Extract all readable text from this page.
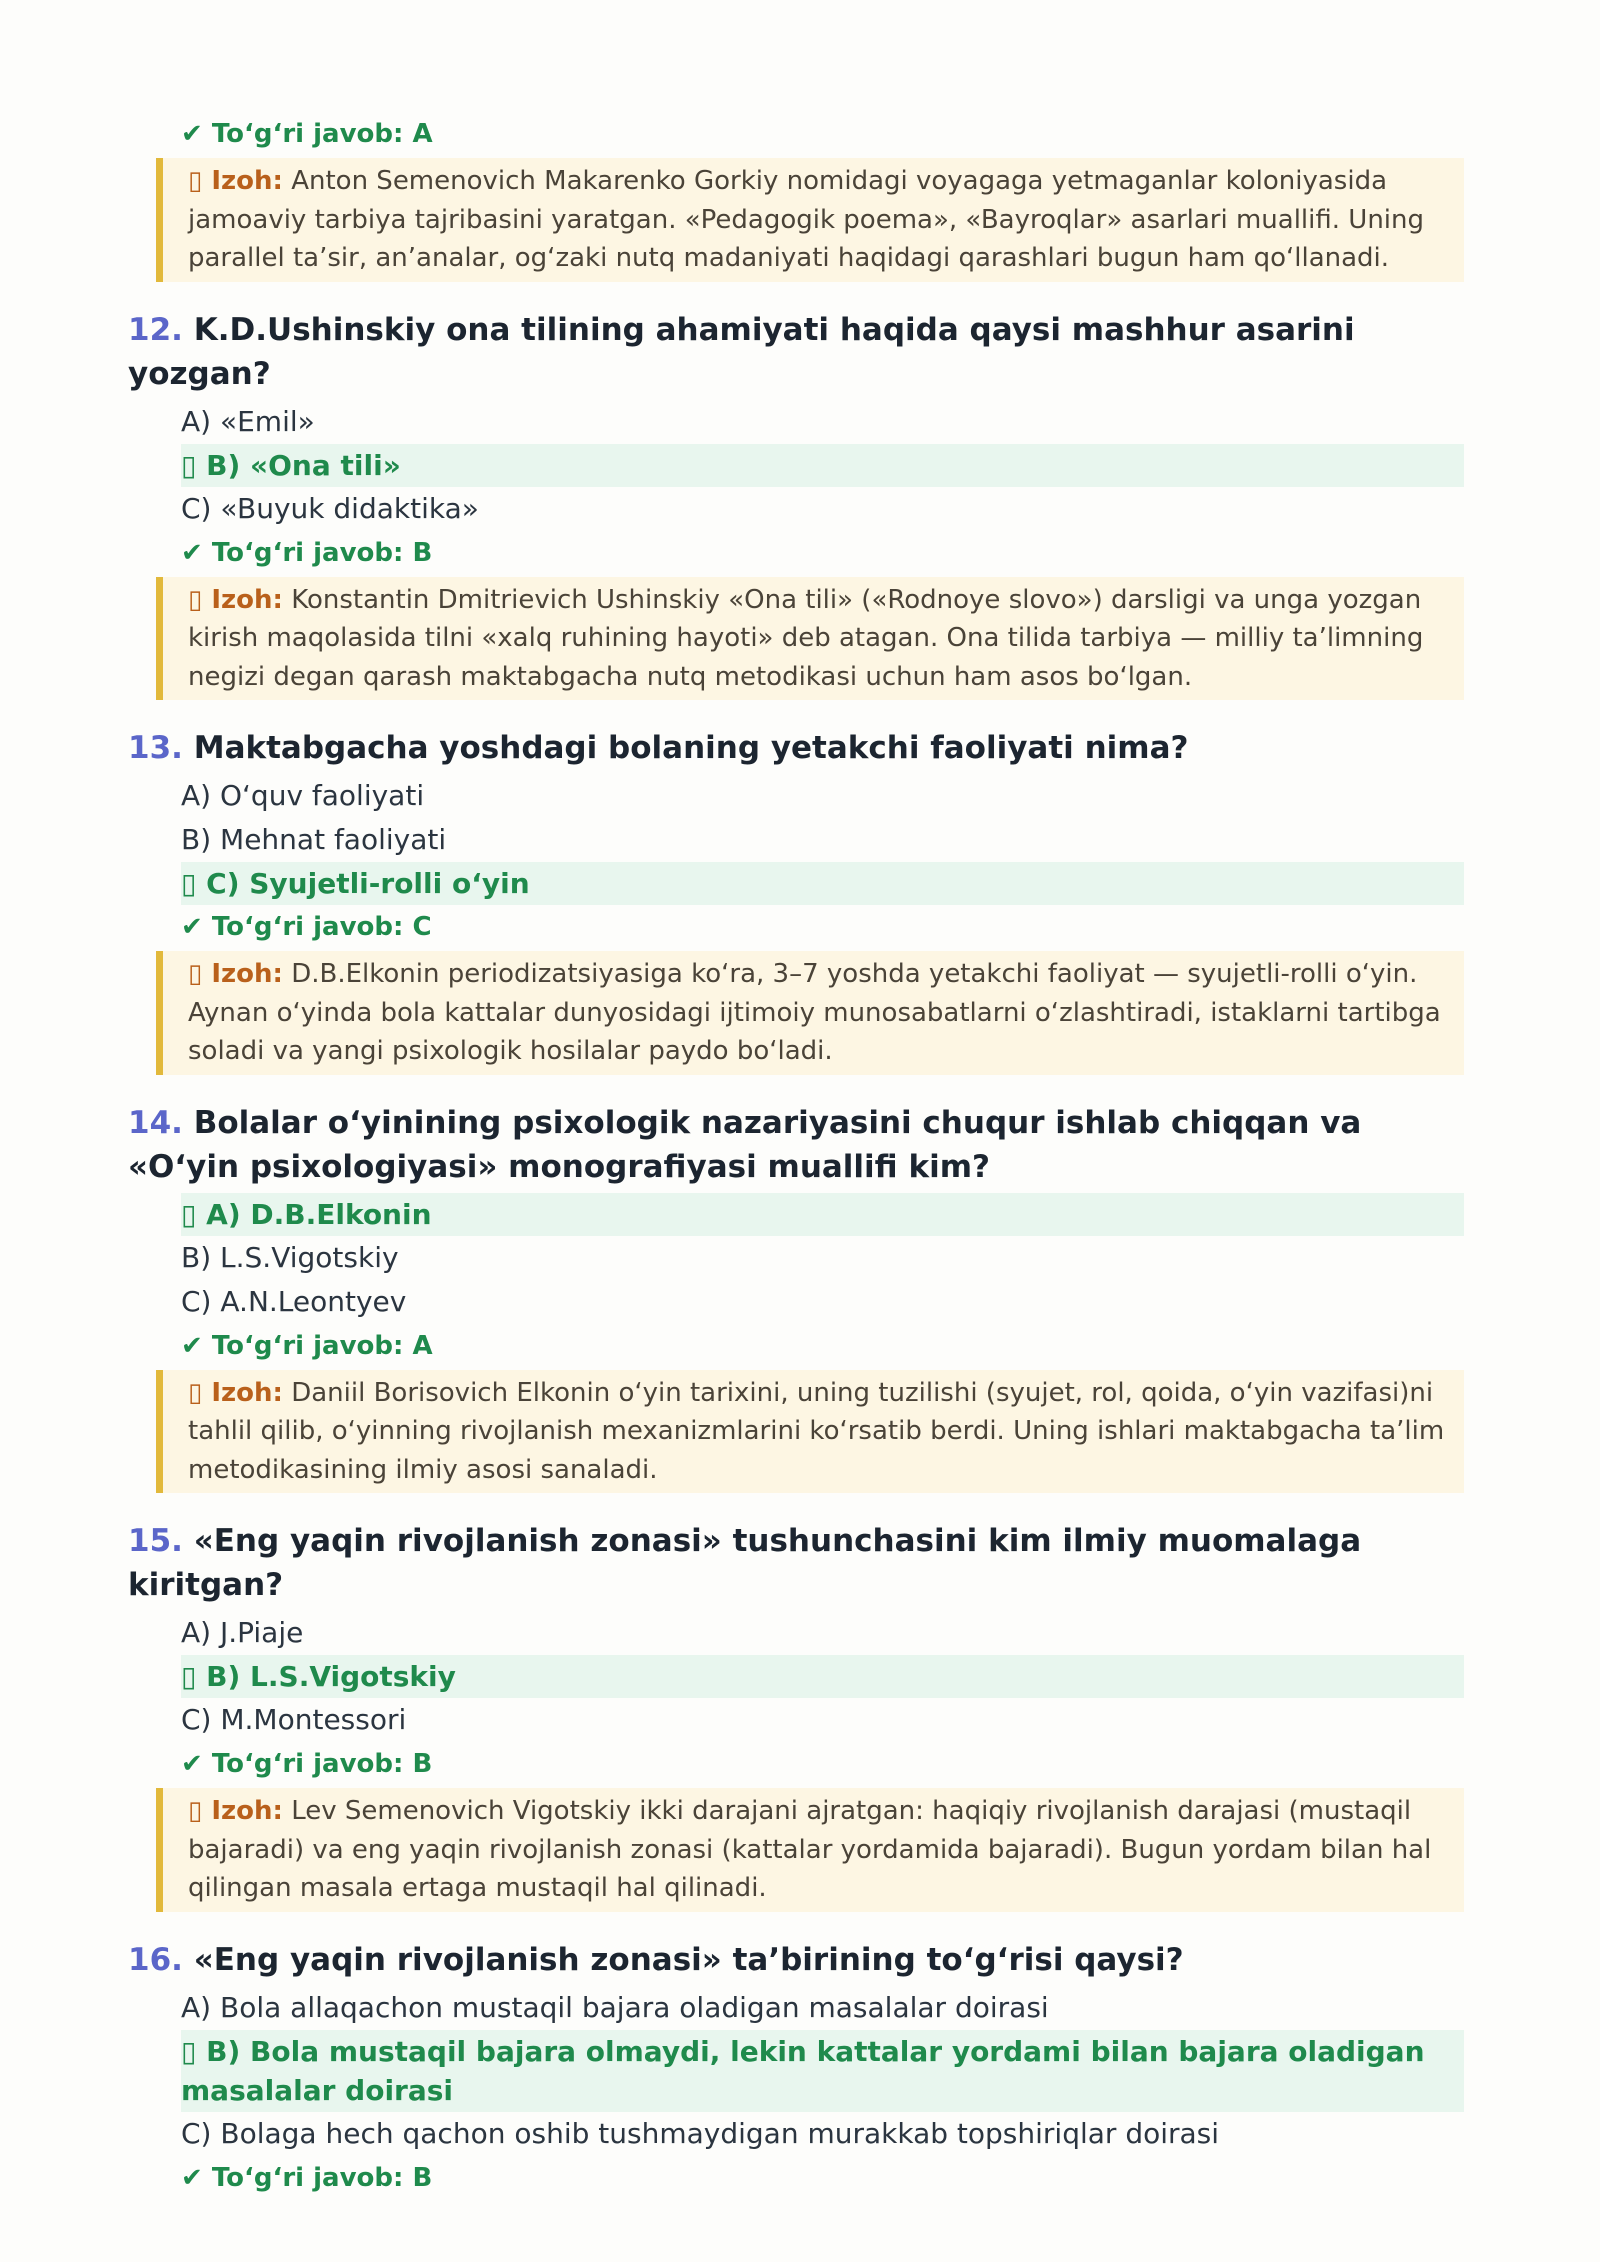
✔ To‘g‘ri javob: A
▯ Izoh: Anton Semenovich Makarenko Gorkiy nomidagi voyagaga yetmaganlar koloniyasida jamoaviy tarbiya tajribasini yaratgan. «Pedagogik poema», «Bayroqlar» asarlari muallifi. Uning parallel ta’sir, an’analar, og‘zaki nutq madaniyati haqidagi qarashlari bugun ham qo‘llanadi.
12. K.D.Ushinskiy ona tilining ahamiyati haqida qaysi mashhur asarini yozgan?
A) «Emil»
▯ B) «Ona tili»
C) «Buyuk didaktika»
✔ To‘g‘ri javob: B
▯ Izoh: Konstantin Dmitrievich Ushinskiy «Ona tili» («Rodnoye slovo») darsligi va unga yozgan kirish maqolasida tilni «xalq ruhining hayoti» deb atagan. Ona tilida tarbiya — milliy ta’limning negizi degan qarash maktabgacha nutq metodikasi uchun ham asos bo‘lgan.
13. Maktabgacha yoshdagi bolaning yetakchi faoliyati nima?
A) O‘quv faoliyati
B) Mehnat faoliyati
▯ C) Syujetli-rolli o‘yin
✔ To‘g‘ri javob: C
▯ Izoh: D.B.Elkonin periodizatsiyasiga ko‘ra, 3–7 yoshda yetakchi faoliyat — syujetli-rolli o‘yin. Aynan o‘yinda bola kattalar dunyosidagi ijtimoiy munosabatlarni o‘zlashtiradi, istaklarni tartibga soladi va yangi psixologik hosilalar paydo bo‘ladi.
14. Bolalar o‘yinining psixologik nazariyasini chuqur ishlab chiqqan va «O‘yin psixologiyasi» monografiyasi muallifi kim?
▯ A) D.B.Elkonin
B) L.S.Vigotskiy
C) A.N.Leontyev
✔ To‘g‘ri javob: A
▯ Izoh: Daniil Borisovich Elkonin o‘yin tarixini, uning tuzilishi (syujet, rol, qoida, o‘yin vazifasi)ni tahlil qilib, o‘yinning rivojlanish mexanizmlarini ko‘rsatib berdi. Uning ishlari maktabgacha ta’lim metodikasining ilmiy asosi sanaladi.
15. «Eng yaqin rivojlanish zonasi» tushunchasini kim ilmiy muomalaga kiritgan?
A) J.Piaje
▯ B) L.S.Vigotskiy
C) M.Montessori
✔ To‘g‘ri javob: B
▯ Izoh: Lev Semenovich Vigotskiy ikki darajani ajratgan: haqiqiy rivojlanish darajasi (mustaqil bajaradi) va eng yaqin rivojlanish zonasi (kattalar yordamida bajaradi). Bugun yordam bilan hal qilingan masala ertaga mustaqil hal qilinadi.
16. «Eng yaqin rivojlanish zonasi» ta’birining to‘g‘risi qaysi?
A) Bola allaqachon mustaqil bajara oladigan masalalar doirasi
▯ B) Bola mustaqil bajara olmaydi, lekin kattalar yordami bilan bajara oladigan masalalar doirasi
C) Bolaga hech qachon oshib tushmaydigan murakkab topshiriqlar doirasi
✔ To‘g‘ri javob: B
